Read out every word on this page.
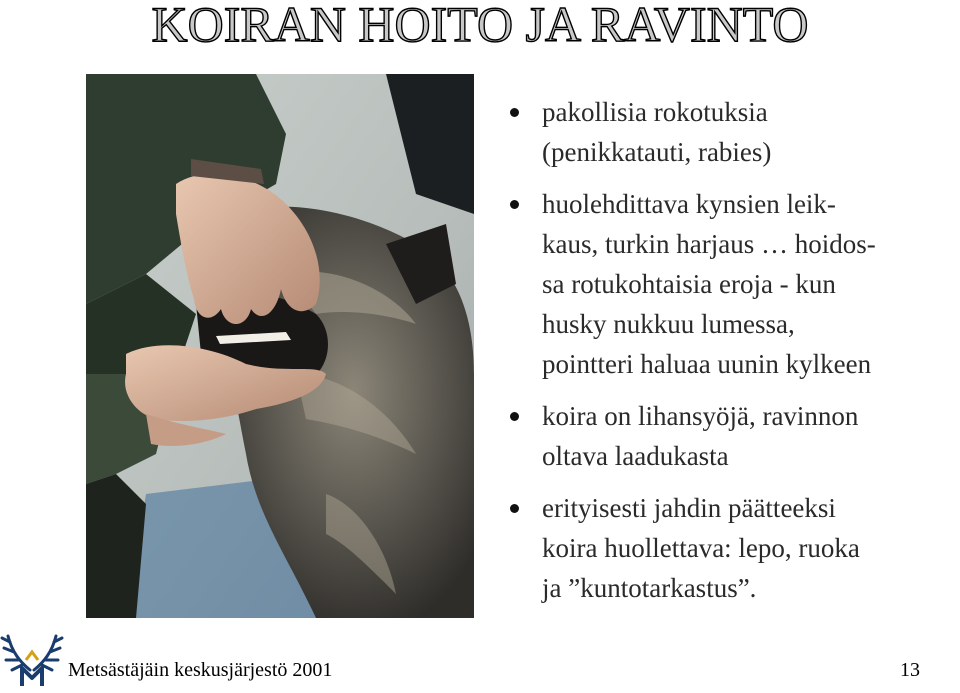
KOIRAN HOITO JA RAVINTO
pakollisia rokotuksia
(penikkatauti, rabies)
huolehdittava kynsien leik-
kaus, turkin harjaus … hoidos-
sa rotukohtaisia eroja - kun
husky nukkuu lumessa,
pointteri haluaa uunin kylkeen
koira on lihansyöjä, ravinnon
oltava laadukasta
erityisesti jahdin päätteeksi
koira huollettava: lepo, ruoka
ja ”kuntotarkastus”.
Metsästäjäin keskusjärjestö 2001	13
